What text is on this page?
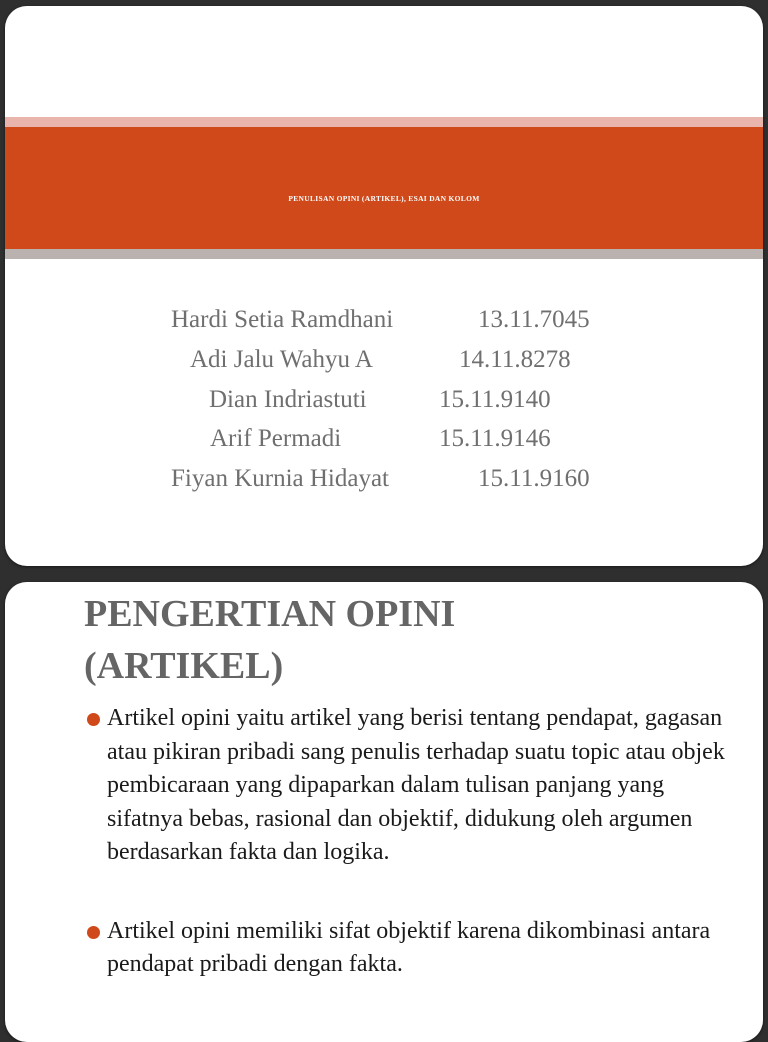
PENULISAN OPINI (ARTIKEL), ESAI DAN KOLOM
Hardi Setia Ramdhani	13.11.7045
Adi Jalu Wahyu A	14.11.8278
Dian Indriastuti	15.11.9140
Arif Permadi	15.11.9146
Fiyan Kurnia Hidayat	15.11.9160
PENGERTIAN OPINI
(ARTIKEL)
Artikel opini yaitu artikel yang berisi tentang pendapat, gagasan atau pikiran pribadi sang penulis terhadap suatu topic atau objek pembicaraan yang dipaparkan dalam tulisan panjang yang sifatnya bebas, rasional dan objektif, didukung oleh argumen berdasarkan fakta dan logika.
Artikel opini memiliki sifat objektif karena dikombinasi antara pendapat pribadi dengan fakta.
